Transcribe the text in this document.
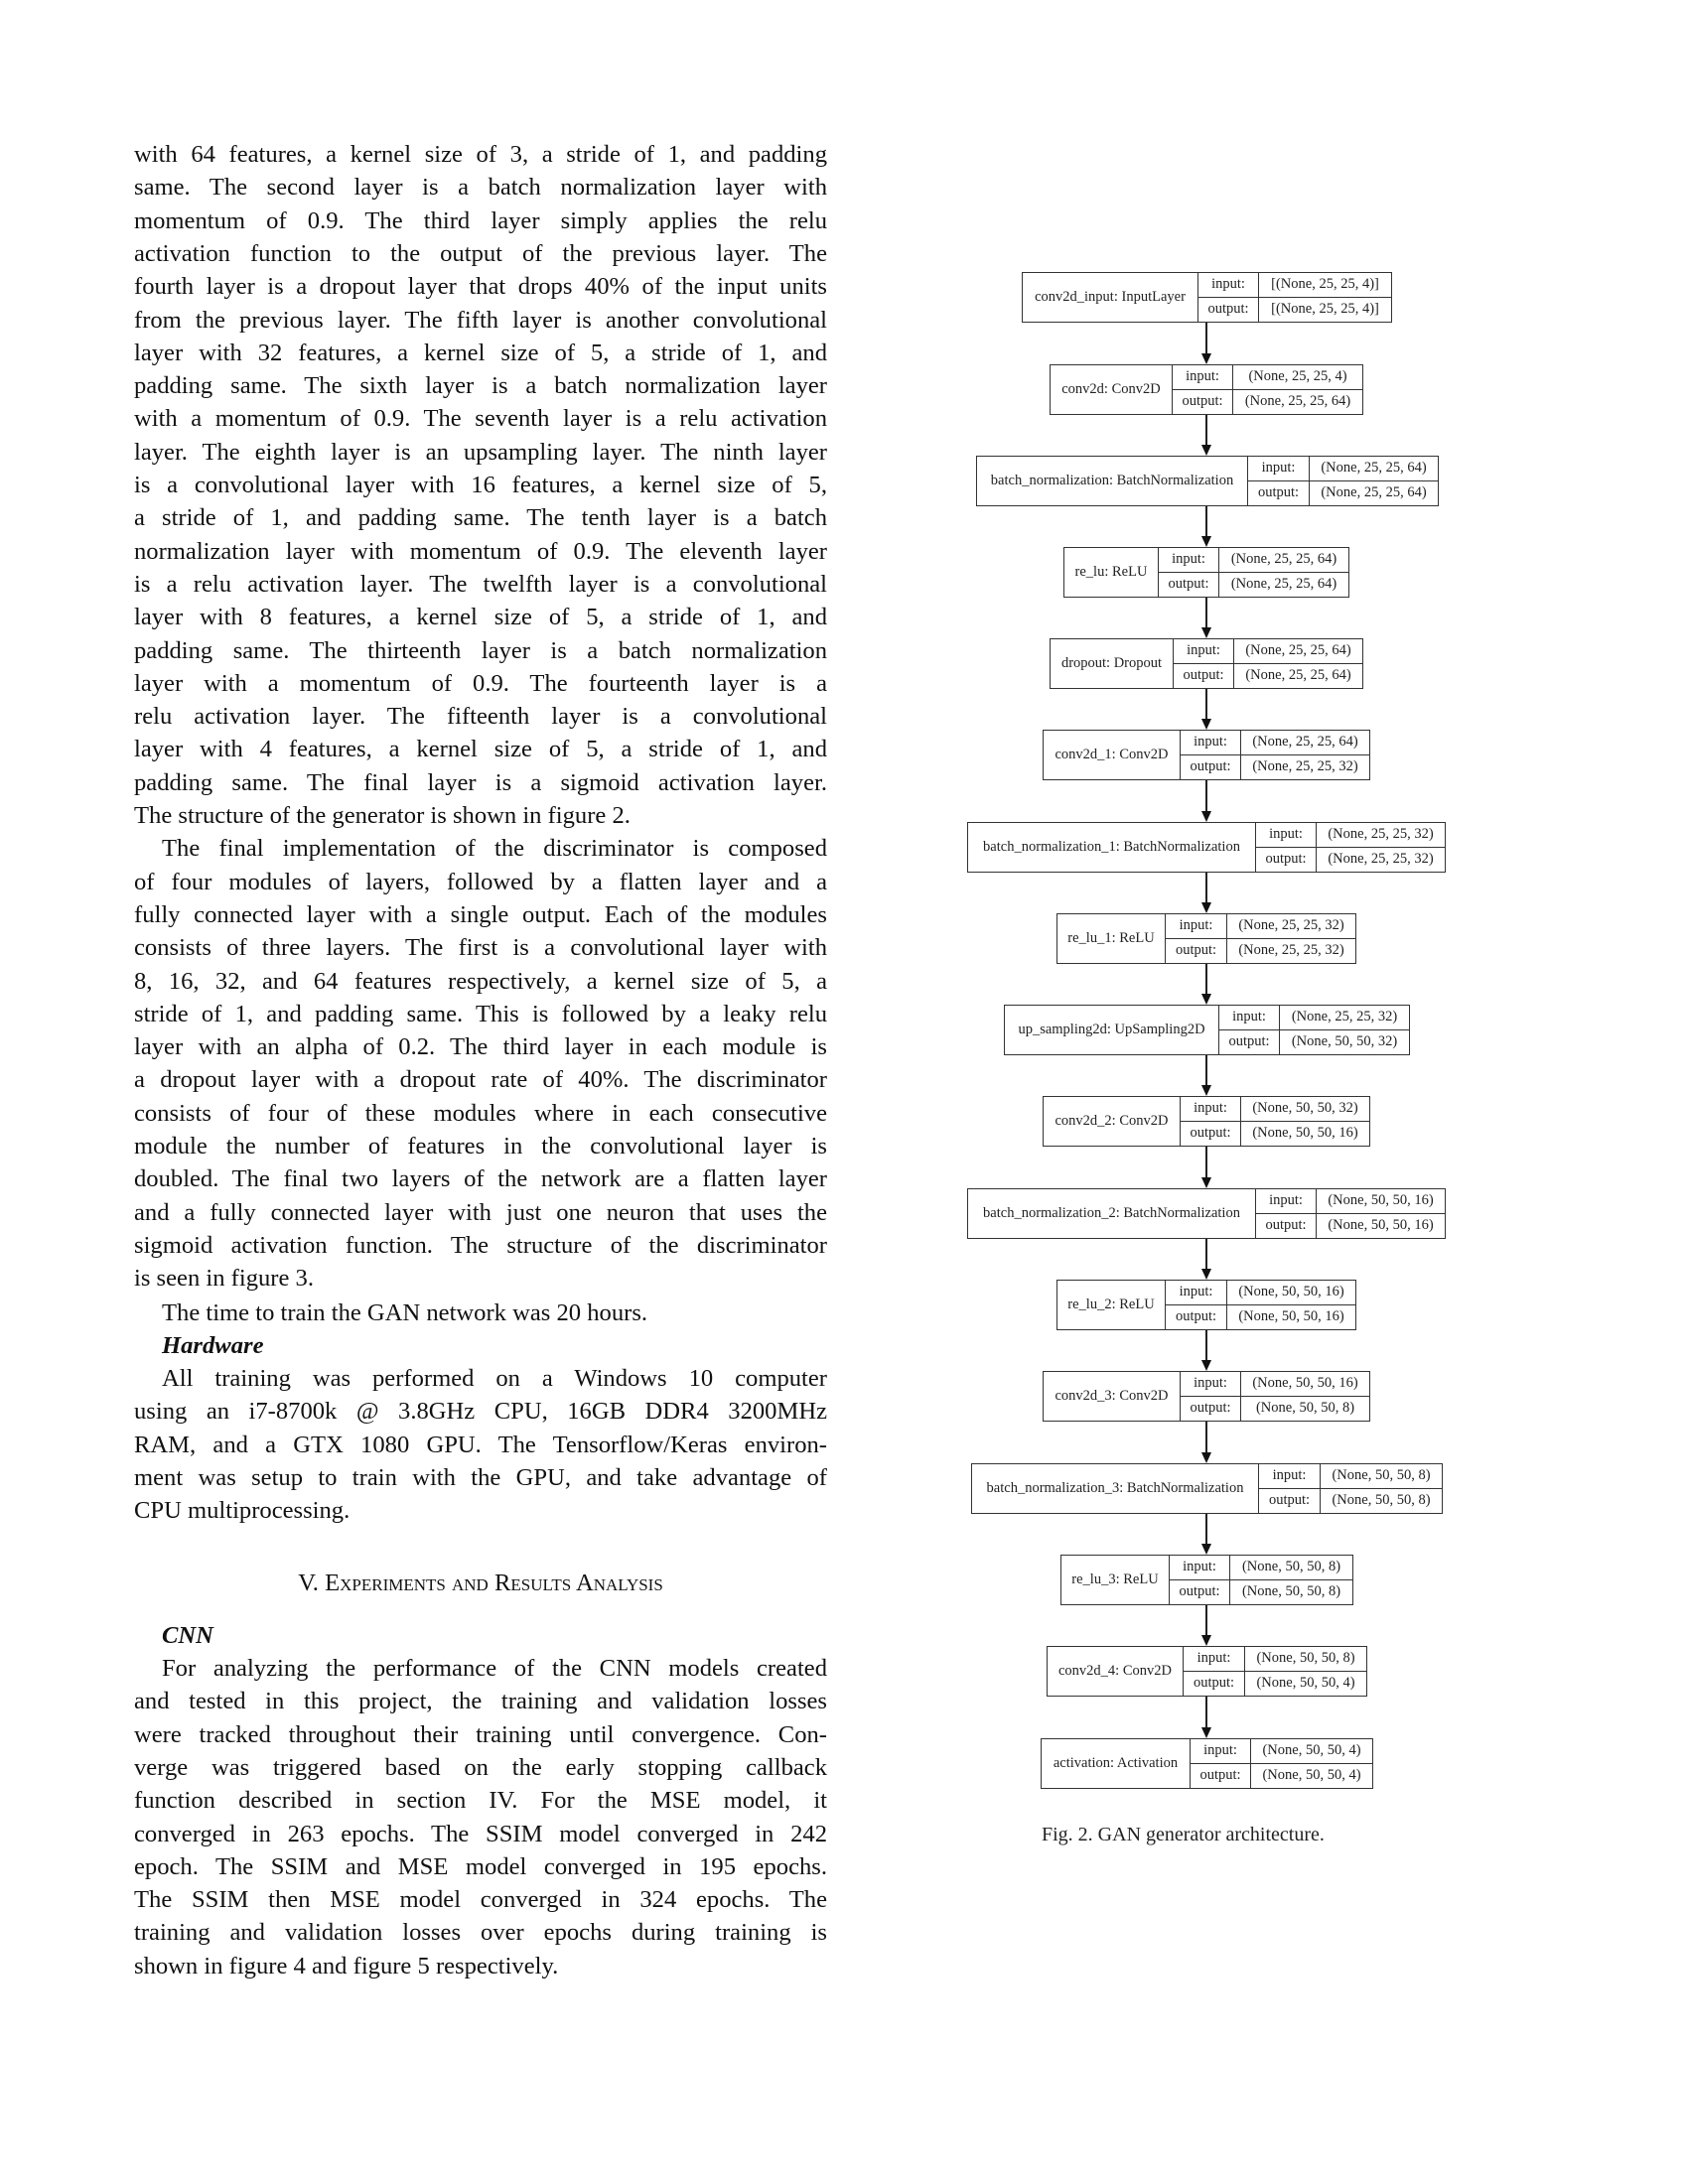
with 64 features, a kernel size of 3, a stride of 1, and padding
same. The second layer is a batch normalization layer with
momentum of 0.9. The third layer simply applies the relu
activation function to the output of the previous layer. The
fourth layer is a dropout layer that drops 40% of the input units
from the previous layer. The fifth layer is another convolutional
layer with 32 features, a kernel size of 5, a stride of 1, and
padding same. The sixth layer is a batch normalization layer
with a momentum of 0.9. The seventh layer is a relu activation
layer. The eighth layer is an upsampling layer. The ninth layer
is a convolutional layer with 16 features, a kernel size of 5,
a stride of 1, and padding same. The tenth layer is a batch
normalization layer with momentum of 0.9. The eleventh layer
is a relu activation layer. The twelfth layer is a convolutional
layer with 8 features, a kernel size of 5, a stride of 1, and
padding same. The thirteenth layer is a batch normalization
layer with a momentum of 0.9. The fourteenth layer is a
relu activation layer. The fifteenth layer is a convolutional
layer with 4 features, a kernel size of 5, a stride of 1, and
padding same. The final layer is a sigmoid activation layer.
The structure of the generator is shown in figure 2.
The final implementation of the discriminator is composed
of four modules of layers, followed by a flatten layer and a
fully connected layer with a single output. Each of the modules
consists of three layers. The first is a convolutional layer with
8, 16, 32, and 64 features respectively, a kernel size of 5, a
stride of 1, and padding same. This is followed by a leaky relu
layer with an alpha of 0.2. The third layer in each module is
a dropout layer with a dropout rate of 40%. The discriminator
consists of four of these modules where in each consecutive
module the number of features in the convolutional layer is
doubled. The final two layers of the network are a flatten layer
and a fully connected layer with just one neuron that uses the
sigmoid activation function. The structure of the discriminator
is seen in figure 3.
The time to train the GAN network was 20 hours.
Hardware
All training was performed on a Windows 10 computer
using an i7-8700k @ 3.8GHz CPU, 16GB DDR4 3200MHz
RAM, and a GTX 1080 GPU. The Tensorflow/Keras environ-
ment was setup to train with the GPU, and take advantage of
CPU multiprocessing.
V. Experiments and Results Analysis
CNN
For analyzing the performance of the CNN models created
and tested in this project, the training and validation losses
were tracked throughout their training until convergence. Con-
verge was triggered based on the early stopping callback
function described in section IV. For the MSE model, it
converged in 263 epochs. The SSIM model converged in 242
epoch. The SSIM and MSE model converged in 195 epochs.
The SSIM then MSE model converged in 324 epochs. The
training and validation losses over epochs during training is
shown in figure 4 and figure 5 respectively.
conv2d_input: InputLayer
input:
output:
[(None, 25, 25, 4)]
[(None, 25, 25, 4)]
conv2d: Conv2D
input:
output:
(None, 25, 25, 4)
(None, 25, 25, 64)
batch_normalization: BatchNormalization
input:
output:
(None, 25, 25, 64)
(None, 25, 25, 64)
re_lu: ReLU
input:
output:
(None, 25, 25, 64)
(None, 25, 25, 64)
dropout: Dropout
input:
output:
(None, 25, 25, 64)
(None, 25, 25, 64)
conv2d_1: Conv2D
input:
output:
(None, 25, 25, 64)
(None, 25, 25, 32)
batch_normalization_1: BatchNormalization
input:
output:
(None, 25, 25, 32)
(None, 25, 25, 32)
re_lu_1: ReLU
input:
output:
(None, 25, 25, 32)
(None, 25, 25, 32)
up_sampling2d: UpSampling2D
input:
output:
(None, 25, 25, 32)
(None, 50, 50, 32)
conv2d_2: Conv2D
input:
output:
(None, 50, 50, 32)
(None, 50, 50, 16)
batch_normalization_2: BatchNormalization
input:
output:
(None, 50, 50, 16)
(None, 50, 50, 16)
re_lu_2: ReLU
input:
output:
(None, 50, 50, 16)
(None, 50, 50, 16)
conv2d_3: Conv2D
input:
output:
(None, 50, 50, 16)
(None, 50, 50, 8)
batch_normalization_3: BatchNormalization
input:
output:
(None, 50, 50, 8)
(None, 50, 50, 8)
re_lu_3: ReLU
input:
output:
(None, 50, 50, 8)
(None, 50, 50, 8)
conv2d_4: Conv2D
input:
output:
(None, 50, 50, 8)
(None, 50, 50, 4)
activation: Activation
input:
output:
(None, 50, 50, 4)
(None, 50, 50, 4)
Fig. 2. GAN generator architecture.
